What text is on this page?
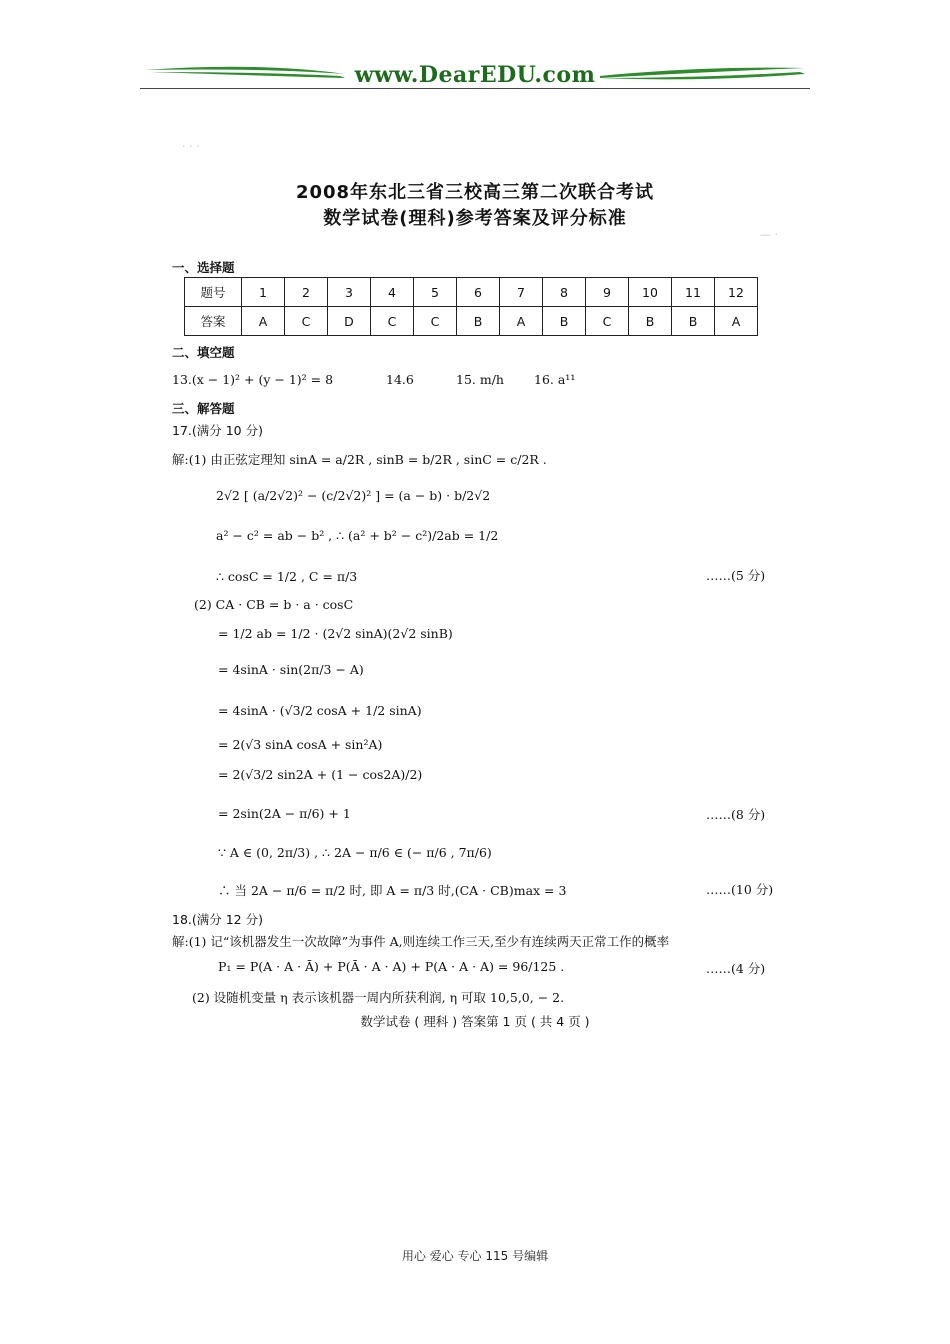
www.DearEDU.com
· · ·
— ·
2008年东北三省三校高三第二次联合考试
数学试卷(理科)参考答案及评分标准
一、选择题
题号	1	2	3	4	5	6	7	8	9	10	11	12
答案	A	C	D	C	C	B	A	B	C	B	B	A
二、填空题
13.(x − 1)² + (y − 1)² = 8	14.6	15. m/h 16. a¹¹
三、解答题
17.(满分 10 分)
解:(1) 由正弦定理知 sinA = a/2R , sinB = b/2R , sinC = c/2R .
2√2 [ (a/2√2)² − (c/2√2)² ] = (a − b) · b/2√2
a² − c² = ab − b² , ∴ (a² + b² − c²)/2ab = 1/2
∴ cosC = 1/2 , C = π/3	……(5 分)
(2) CA · CB = b · a · cosC
= 1/2 ab = 1/2 · (2√2 sinA)(2√2 sinB)
= 4sinA · sin(2π/3 − A)
= 4sinA · (√3/2 cosA + 1/2 sinA)
= 2(√3 sinA cosA + sin²A)
= 2(√3/2 sin2A + (1 − cos2A)/2)
= 2sin(2A − π/6) + 1	……(8 分)
∵ A ∈ (0, 2π/3) , ∴ 2A − π/6 ∈ (− π/6 , 7π/6)
∴ 当 2A − π/6 = π/2 时, 即 A = π/3 时,(CA · CB)max = 3	……(10 分)
18.(满分 12 分)
解:(1) 记“该机器发生一次故障”为事件 A,则连续工作三天,至少有连续两天正常工作的概率
P₁ = P(A · A · Ā) + P(Ā · A · A) + P(A · A · A) = 96/125 .	……(4 分)
(2) 设随机变量 η 表示该机器一周内所获利润, η 可取 10,5,0, − 2.
数学试卷 ( 理科 ) 答案第 1 页 ( 共 4 页 )
用心 爱心 专心 115 号编辑
